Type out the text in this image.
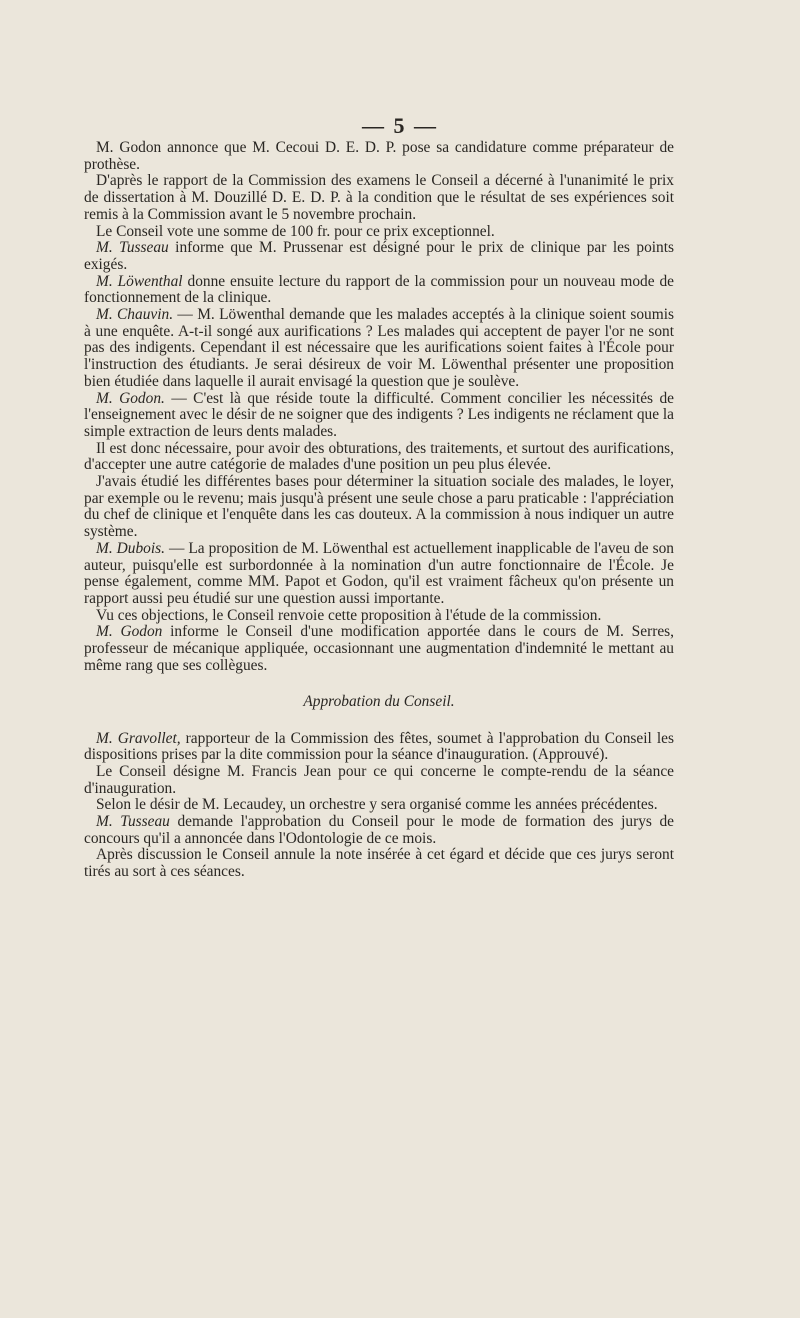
— 5 —

M. Godon annonce que M. Cecoui D. E. D. P. pose sa candidature comme préparateur de prothèse.

D'après le rapport de la Commission des examens le Conseil a décerné à l'unanimité le prix de dissertation à M. Douzillé D. E. D. P. à la condition que le résultat de ses expériences soit remis à la Commission avant le 5 novembre prochain.

Le Conseil vote une somme de 100 fr. pour ce prix exceptionnel.

M. Tusseau informe que M. Prussenar est désigné pour le prix de clinique par les points exigés.

M. Löwenthal donne ensuite lecture du rapport de la commission pour un nouveau mode de fonctionnement de la clinique.

M. Chauvin. — M. Löwenthal demande que les malades acceptés à la clinique soient soumis à une enquête. A-t-il songé aux aurifications ? Les malades qui acceptent de payer l'or ne sont pas des indigents. Cependant il est nécessaire que les aurifications soient faites à l'École pour l'instruction des étudiants. Je serai désireux de voir M. Löwenthal présenter une proposition bien étudiée dans laquelle il aurait envisagé la question que je soulève.

M. Godon. — C'est là que réside toute la difficulté. Comment concilier les nécessités de l'enseignement avec le désir de ne soigner que des indigents ? Les indigents ne réclament que la simple extraction de leurs dents malades.

Il est donc nécessaire, pour avoir des obturations, des traitements, et surtout des aurifications, d'accepter une autre catégorie de malades d'une position un peu plus élevée.

J'avais étudié les différentes bases pour déterminer la situation sociale des malades, le loyer, par exemple ou le revenu; mais jusqu'à présent une seule chose a paru praticable : l'appréciation du chef de clinique et l'enquête dans les cas douteux. A la commission à nous indiquer un autre système.

M. Dubois. — La proposition de M. Löwenthal est actuellement inapplicable de l'aveu de son auteur, puisqu'elle est surbordonnée à la nomination d'un autre fonctionnaire de l'École. Je pense également, comme MM. Papot et Godon, qu'il est vraiment fâcheux qu'on présente un rapport aussi peu étudié sur une question aussi importante.

Vu ces objections, le Conseil renvoie cette proposition à l'étude de la commission.

M. Godon informe le Conseil d'une modification apportée dans le cours de M. Serres, professeur de mécanique appliquée, occasionnant une augmentation d'indemnité le mettant au même rang que ses collègues.

Approbation du Conseil.

M. Gravollet, rapporteur de la Commission des fêtes, soumet à l'approbation du Conseil les dispositions prises par la dite commission pour la séance d'inauguration. (Approuvé).

Le Conseil désigne M. Francis Jean pour ce qui concerne le compte-rendu de la séance d'inauguration.

Selon le désir de M. Lecaudey, un orchestre y sera organisé comme les années précédentes.

M. Tusseau demande l'approbation du Conseil pour le mode de formation des jurys de concours qu'il a annoncée dans l'Odontologie de ce mois.

Après discussion le Conseil annule la note insérée à cet égard et décide que ces jurys seront tirés au sort à ces séances.
